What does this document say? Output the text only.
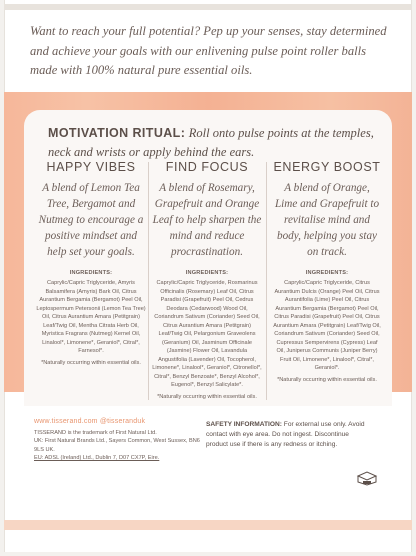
Want to reach your full potential? Pep up your senses, stay determined and achieve your goals with our enlivening pulse point roller balls made with 100% natural pure essential oils.

MOTIVATION RITUAL: Roll onto pulse points at the temples, neck and wrists or apply behind the ears.

HAPPY VIBES

A blend of Lemon Tea Tree, Bergamot and Nutmeg to encourage a positive mindset and help set your goals.

INGREDIENTS:

Caprylic/Capric Triglyceride, Amyris Balsamifera (Amyris) Bark Oil, Citrus Aurantium Bergamia (Bergamot) Peel Oil, Leptospermum Petersonii (Lemon Tea Tree) Oil, Citrus Aurantium Amara (Petitgrain) Leaf/Twig Oil, Mentha Citrata Herb Oil, Myristica Fragrans (Nutmeg) Kernel Oil, Linalool*, Limonene*, Geraniol*, Citral*, Farnesol*.

*Naturally occurring within essential oils.

FIND FOCUS

A blend of Rosemary, Grapefruit and Orange Leaf to help sharpen the mind and reduce procrastination.

INGREDIENTS:

Caprylic/Capric Triglyceride, Rosmarinus Officinalis (Rosemary) Leaf Oil, Citrus Paradisi (Grapefruit) Peel Oil, Cedrus Deodara (Cedarwood) Wood Oil, Coriandrum Sativum (Coriander) Seed Oil, Citrus Aurantium Amara (Petitgrain) Leaf/Twig Oil, Pelargonium Graveolens (Geranium) Oil, Jasminum Officinale (Jasmine) Flower Oil, Lavandula Angustifolia (Lavender) Oil, Tocopherol, Limonene*, Linalool*, Geraniol*, Citronellol*, Citral*, Benzyl Benzoate*, Benzyl Alcohol*, Eugenol*, Benzyl Salicylate*.

*Naturally occurring within essential oils.

ENERGY BOOST

A blend of Orange, Lime and Grapefruit to revitalise mind and body, helping you stay on track.

INGREDIENTS:

Caprylic/Capric Triglyceride, Citrus Aurantium Dulcis (Orange) Peel Oil, Citrus Aurantifolia (Lime) Peel Oil, Citrus Aurantium Bergamia (Bergamot) Peel Oil, Citrus Paradisi (Grapefruit) Peel Oil, Citrus Aurantium Amara (Petitgrain) Leaf/Twig Oil, Coriandrum Sativum (Coriander) Seed Oil, Cupressus Sempervirens (Cypress) Leaf Oil, Juniperus Communis (Juniper Berry) Fruit Oil, Limonene*, Linalool*, Citral*, Geraniol*.

*Naturally occurring within essential oils.

www.tisserand.com @tisseranduk

TISSERAND is the trademark of First Natural Ltd.

UK: First Natural Brands Ltd., Sayers Common, West Sussex, BN6 9LS UK.

EU: ADSL (Ireland) Ltd., Dublin 7, D07 CX7P, Eire.

SAFETY INFORMATION: For external use only. Avoid contact with eye area. Do not ingest. Discontinue product use if there is any redness or itching.
